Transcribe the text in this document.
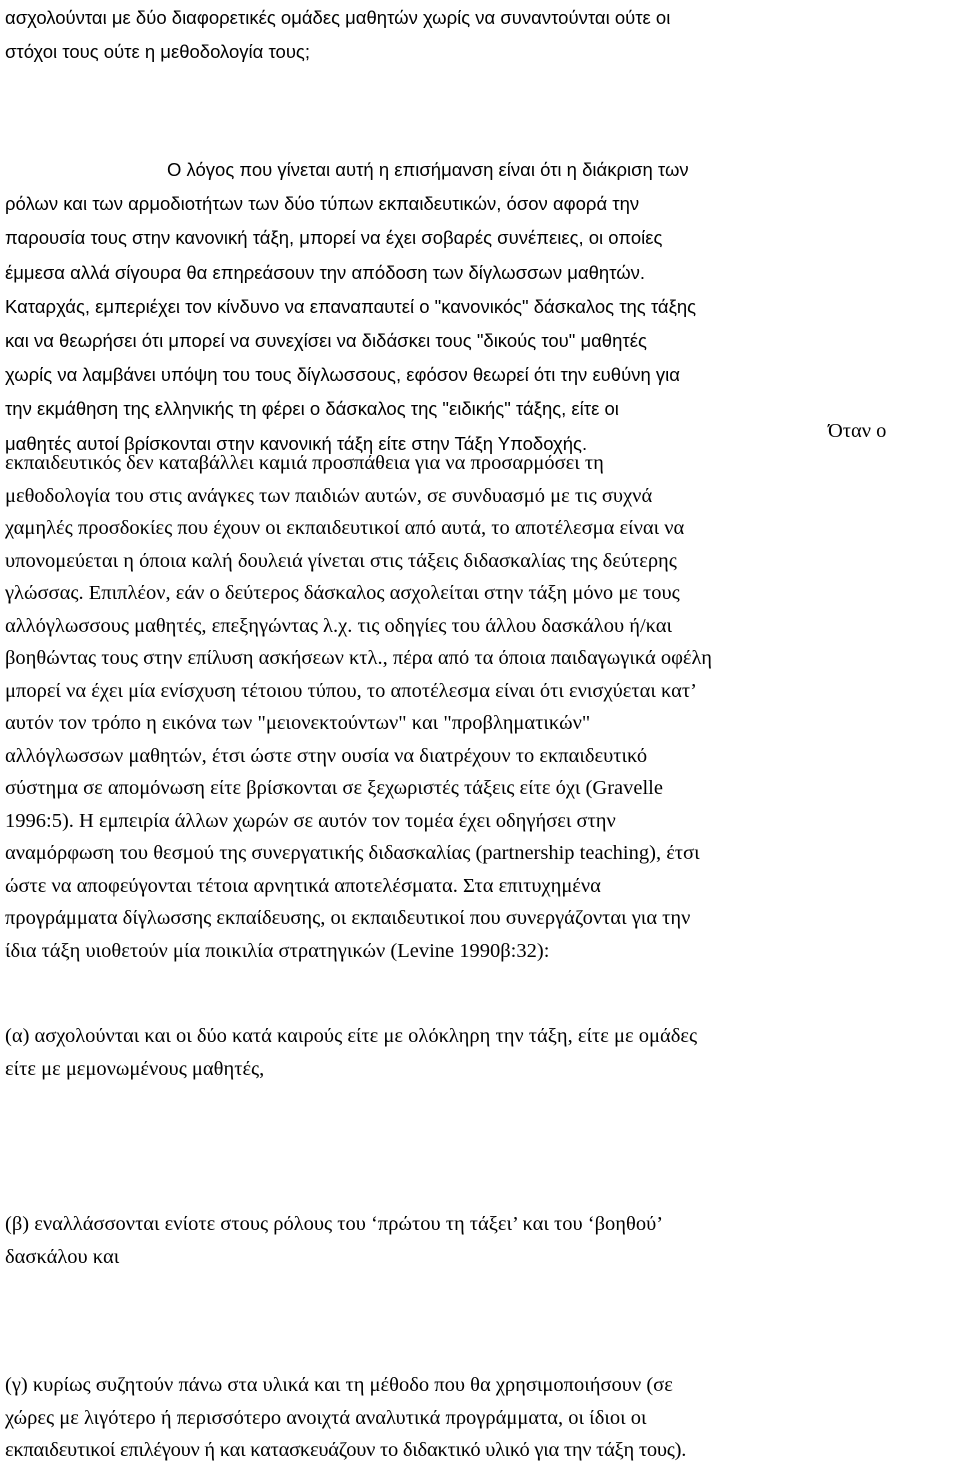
ασχολούνται με δύο διαφορετικές ομάδες μαθητών χωρίς να συναντούνται ούτε οι
στόχοι τους ούτε η μεθοδολογία τους;
Ο λόγος που γίνεται αυτή η επισήμανση είναι ότι η διάκριση των
ρόλων και των αρμοδιοτήτων των δύο τύπων εκπαιδευτικών, όσον αφορά την
παρουσία τους στην κανονική τάξη, μπορεί να έχει σοβαρές συνέπειες, οι οποίες
έμμεσα αλλά σίγουρα θα επηρεάσουν την απόδοση των δίγλωσσων μαθητών.
Καταρχάς, εμπεριέχει τον κίνδυνο να επαναπαυτεί ο "κανονικός" δάσκαλος της τάξης
και να θεωρήσει ότι μπορεί να συνεχίσει να διδάσκει τους "δικούς του" μαθητές
χωρίς να λαμβάνει υπόψη του τους δίγλωσσους, εφόσον θεωρεί ότι την ευθύνη για
την εκμάθηση της ελληνικής τη φέρει ο δάσκαλος της "ειδικής" τάξης, είτε οι
μαθητές αυτοί βρίσκονται στην κανονική τάξη είτε στην Τάξη Υποδοχής.
Όταν ο
εκπαιδευτικός δεν καταβάλλει καμιά προσπάθεια για να προσαρμόσει τη
μεθοδολογία του στις ανάγκες των παιδιών αυτών, σε συνδυασμό με τις συχνά
χαμηλές προσδοκίες που έχουν οι εκπαιδευτικοί από αυτά, το αποτέλεσμα είναι να
υπονομεύεται η όποια καλή δουλειά γίνεται στις τάξεις διδασκαλίας της δεύτερης
γλώσσας. Επιπλέον, εάν ο δεύτερος δάσκαλος ασχολείται στην τάξη μόνο με τους
αλλόγλωσσους μαθητές, επεξηγώντας λ.χ. τις οδηγίες του άλλου δασκάλου ή/και
βοηθώντας τους στην επίλυση ασκήσεων κτλ., πέρα από τα όποια παιδαγωγικά οφέλη
μπορεί να έχει μία ενίσχυση τέτοιου τύπου, το αποτέλεσμα είναι ότι ενισχύεται κατ’
αυτόν τον τρόπο η εικόνα των "μειονεκτούντων" και "προβληματικών"
αλλόγλωσσων μαθητών, έτσι ώστε στην ουσία να διατρέχουν το εκπαιδευτικό
σύστημα σε απομόνωση είτε βρίσκονται σε ξεχωριστές τάξεις είτε όχι (Gravelle
1996:5). Η εμπειρία άλλων χωρών σε αυτόν τον τομέα έχει οδηγήσει στην
αναμόρφωση του θεσμού της συνεργατικής διδασκαλίας (partnership teaching), έτσι
ώστε να αποφεύγονται τέτοια αρνητικά αποτελέσματα. Στα επιτυχημένα
προγράμματα δίγλωσσης εκπαίδευσης, οι εκπαιδευτικοί που συνεργάζονται για την
ίδια τάξη υιοθετούν μία ποικιλία στρατηγικών (Levine 1990β:32):
(α) ασχολούνται και οι δύο κατά καιρούς είτε με ολόκληρη την τάξη, είτε με ομάδες
είτε με μεμονωμένους μαθητές,
(β) εναλλάσσονται ενίοτε στους ρόλους του ‘πρώτου τη τάξει’ και του ‘βοηθού’
δασκάλου και
(γ) κυρίως συζητούν πάνω στα υλικά και τη μέθοδο που θα χρησιμοποιήσουν (σε
χώρες με λιγότερο ή περισσότερο ανοιχτά αναλυτικά προγράμματα, οι ίδιοι οι
εκπαιδευτικοί επιλέγουν ή και κατασκευάζουν το διδακτικό υλικό για την τάξη τους).
